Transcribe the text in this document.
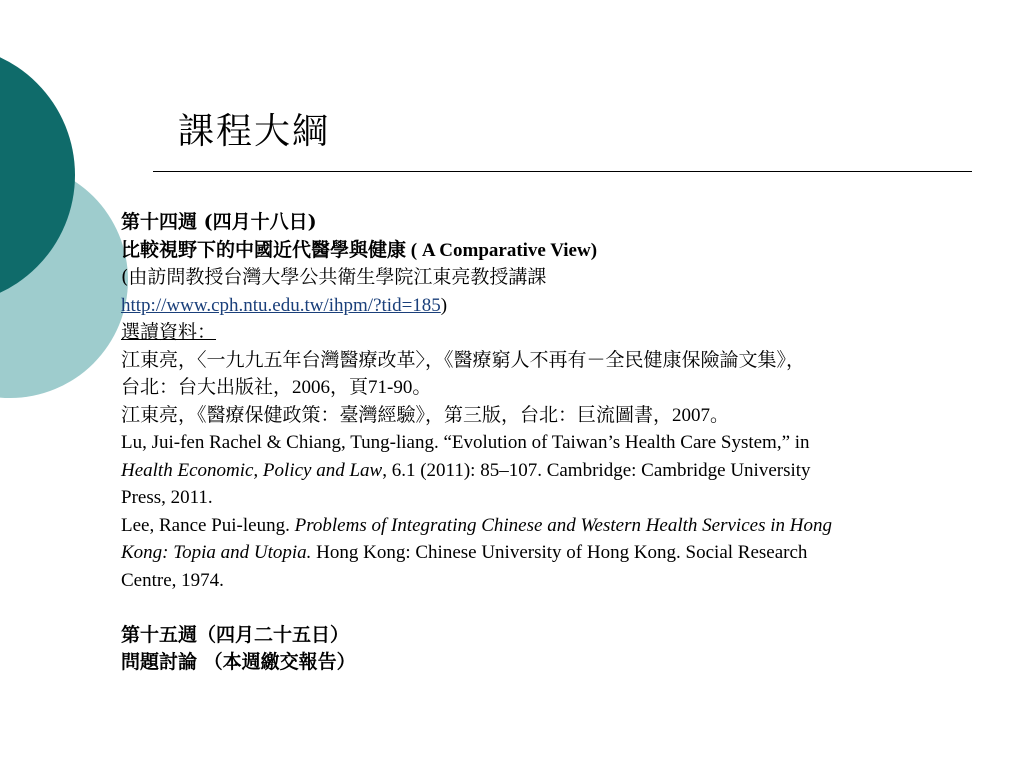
課程大綱
第十四週 (四月十八日)
比較視野下的中國近代醫學與健康 ( A Comparative View)
(由訪問教授台灣大學公共衛生學院江東亮教授講課
http://www.cph.ntu.edu.tw/ihpm/?tid=185)
選讀資料：
江東亮，〈一九九五年台灣醫療改革〉，《醫療窮人不再有－全民健康保險論文集》，
台北：台大出版社，2006，頁71-90。
江東亮，《醫療保健政策：臺灣經驗》，第三版，台北：巨流圖書，2007。
Lu, Jui-fen Rachel & Chiang, Tung-liang. “Evolution of Taiwan’s Health Care System,” in
Health Economic, Policy and Law, 6.1 (2011): 85–107. Cambridge: Cambridge University
Press, 2011.
Lee, Rance Pui-leung. Problems of Integrating Chinese and Western Health Services in Hong
Kong: Topia and Utopia. Hong Kong: Chinese University of Hong Kong. Social Research
Centre, 1974.
第十五週（四月二十五日）
問題討論 （本週繳交報告）
